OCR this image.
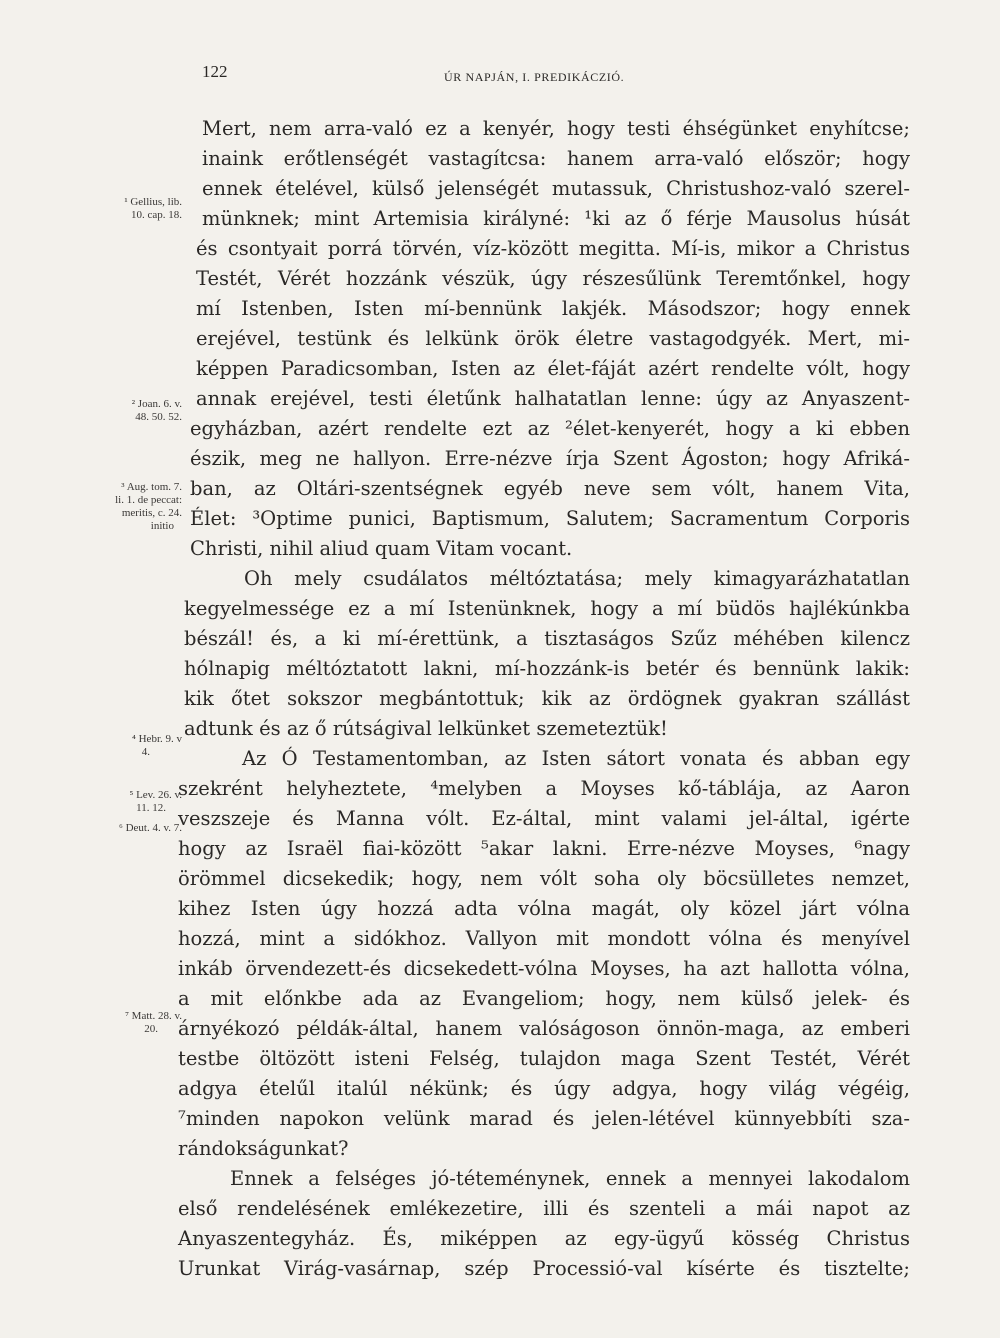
122	ÚR NAPJÁN, I. PREDIKÁCZIÓ.
Mert, nem arra-való ez a kenyér, hogy testi éhségünket enyhítcse;
inaink erőtlenségét vastagítcsa: hanem arra-való először; hogy
ennek ételével, külső jelenségét mutassuk, Christushoz-való szerel-
münknek; mint Artemisia királyné: ¹ki az ő férje Mausolus húsát
és csontyait porrá törvén, víz-között megitta. Mí-is, mikor a Christus
Testét, Vérét hozzánk vészük, úgy részesűlünk Teremtőnkel, hogy
mí Istenben, Isten mí-bennünk lakjék. Másodszor; hogy ennek
erejével, testünk és lelkünk örök életre vastagodgyék. Mert, mi-
képpen Paradicsomban, Isten az élet-fáját azért rendelte vólt, hogy
annak erejével, testi életűnk halhatatlan lenne: úgy az Anyaszent-
egyházban, azért rendelte ezt az ²élet-kenyerét, hogy a ki ebben
észik, meg ne hallyon. Erre-nézve írja Szent Ágoston; hogy Afriká-
ban, az Oltári-szentségnek egyéb neve sem vólt, hanem Vita,
Élet: ³Optime punici, Baptismum, Salutem; Sacramentum Corporis
Christi, nihil aliud quam Vitam vocant.
Oh mely csudálatos méltóztatása; mely kimagyarázhatatlan
kegyelmessége ez a mí Istenünknek, hogy a mí büdös hajlékúnkba
bészál! és, a ki mí-érettünk, a tisztaságos Szűz méhében kilencz
hólnapig méltóztatott lakni, mí-hozzánk-is betér és bennünk lakik:
kik őtet sokszor megbántottuk; kik az ördögnek gyakran szállást
adtunk és az ő rútságival lelkünket szemeteztük!
Az Ó Testamentomban, az Isten sátort vonata és abban egy
szekrént helyheztete, ⁴melyben a Moyses kő-táblája, az Aaron
veszszeje és Manna vólt. Ez-által, mint valami jel-által, igérte
hogy az Israël fiai-között ⁵akar lakni. Erre-nézve Moyses, ⁶nagy
örömmel dicsekedik; hogy, nem vólt soha oly böcsülletes nemzet,
kihez Isten úgy hozzá adta vólna magát, oly közel járt vólna
hozzá, mint a sidókhoz. Vallyon mit mondott vólna és menyível
inkáb örvendezett-és dicsekedett-vólna Moyses, ha azt hallotta vólna,
a mit előnkbe ada az Evangeliom; hogy, nem külső jelek- és
árnyékozó példák-által, hanem valóságoson önnön-maga, az emberi
testbe öltözött isteni Felség, tulajdon maga Szent Testét, Vérét
adgya ételűl italúl nékünk; és úgy adgya, hogy világ végéig,
⁷minden napokon velünk marad és jelen-létével künnyebbíti sza-
rándokságunkat?
Ennek a felséges jó-téteménynek, ennek a mennyei lakodalom
első rendelésének emlékezetire, illi és szenteli a mái napot az
Anyaszentegyház. És, miképpen az egy-ügyű kösség Christus
Urunkat Virág-vasárnap, szép Processió-val kísérte és tisztelte;
¹ Gellius, lib.
10. cap. 18.
² Joan. 6. v.
48. 50. 52.
³ Aug. tom. 7.
li. 1. de peccat:
meritis, c. 24.
initio
⁴ Hebr. 9. v
4.
⁵ Lev. 26. v.
11. 12.
⁶ Deut. 4. v. 7.
⁷ Matt. 28. v.
20.
